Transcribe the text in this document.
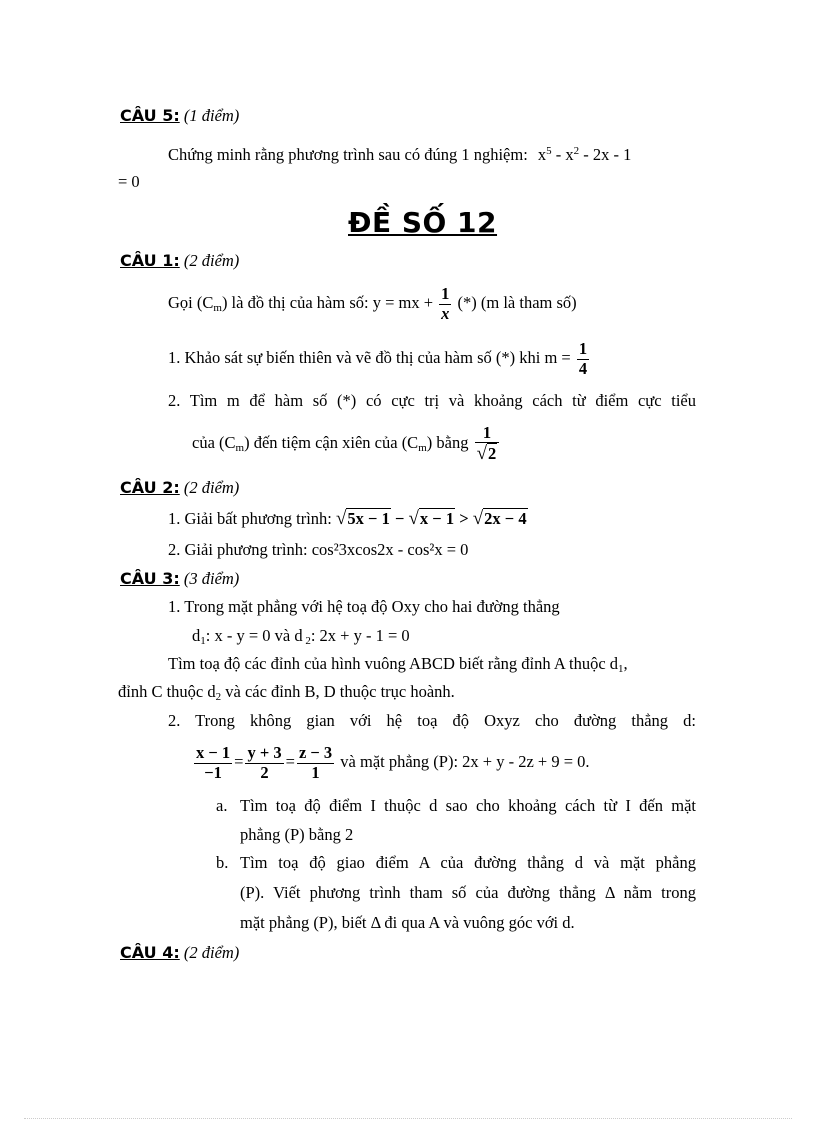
CÂU 5: (1 điểm)
Chứng minh rằng phương trình sau có đúng 1 nghiệm: $x^5 - x^2 - 2x - 1$
= 0
ĐỀ SỐ 12
CÂU 1: (2 điểm)
Gọi $(C_m)$ là đồ thị của hàm số: y = mx + $\frac{1}{x}$ (*) (m là tham số)
1. Khảo sát sự biến thiên và vẽ đồ thị của hàm số (*) khi $m = \frac{1}{4}$
2. Tìm m để hàm số (*) có cực trị và khoảng cách từ điểm cực tiểu
của $(C_m)$ đến tiệm cận xiên của $(C_m)$ bằng $\frac{1}{√2}$
CÂU 2: (2 điểm)
1. Giải bất phương trình: √5x − 1 − √x − 1 > √2x − 4
2. Giải phương trình: cos²3xcos2x - cos²x = 0
CÂU 3: (3 điểm)
1. Trong mặt phẳng với hệ toạ độ Oxy cho hai đường thẳng
$d_1$: x - y = 0 và d $_2$: 2x + y - 1 = 0
Tìm toạ độ các đỉnh của hình vuông ABCD biết rằng đỉnh A thuộc $d_1$,
đỉnh C thuộc $d_2$ và các đỉnh B, D thuộc trục hoành.
2. Trong không gian với hệ toạ độ Oxyz cho đường thẳng d:
$\frac{x - 1}{-1} = \frac{y + 3}{2} = \frac{z - 3}{1}$ và mặt phẳng (P): 2x + y - 2z + 9 = 0.
a. Tìm toạ độ điểm I thuộc d sao cho khoảng cách từ I đến mặt
phẳng (P) bằng 2
b. Tìm toạ độ giao điểm A của đường thẳng d và mặt phẳng
(P). Viết phương trình tham số của đường thẳng Δ nằm trong
mặt phẳng (P), biết Δ đi qua A và vuông góc với d.
CÂU 4: (2 điểm)
